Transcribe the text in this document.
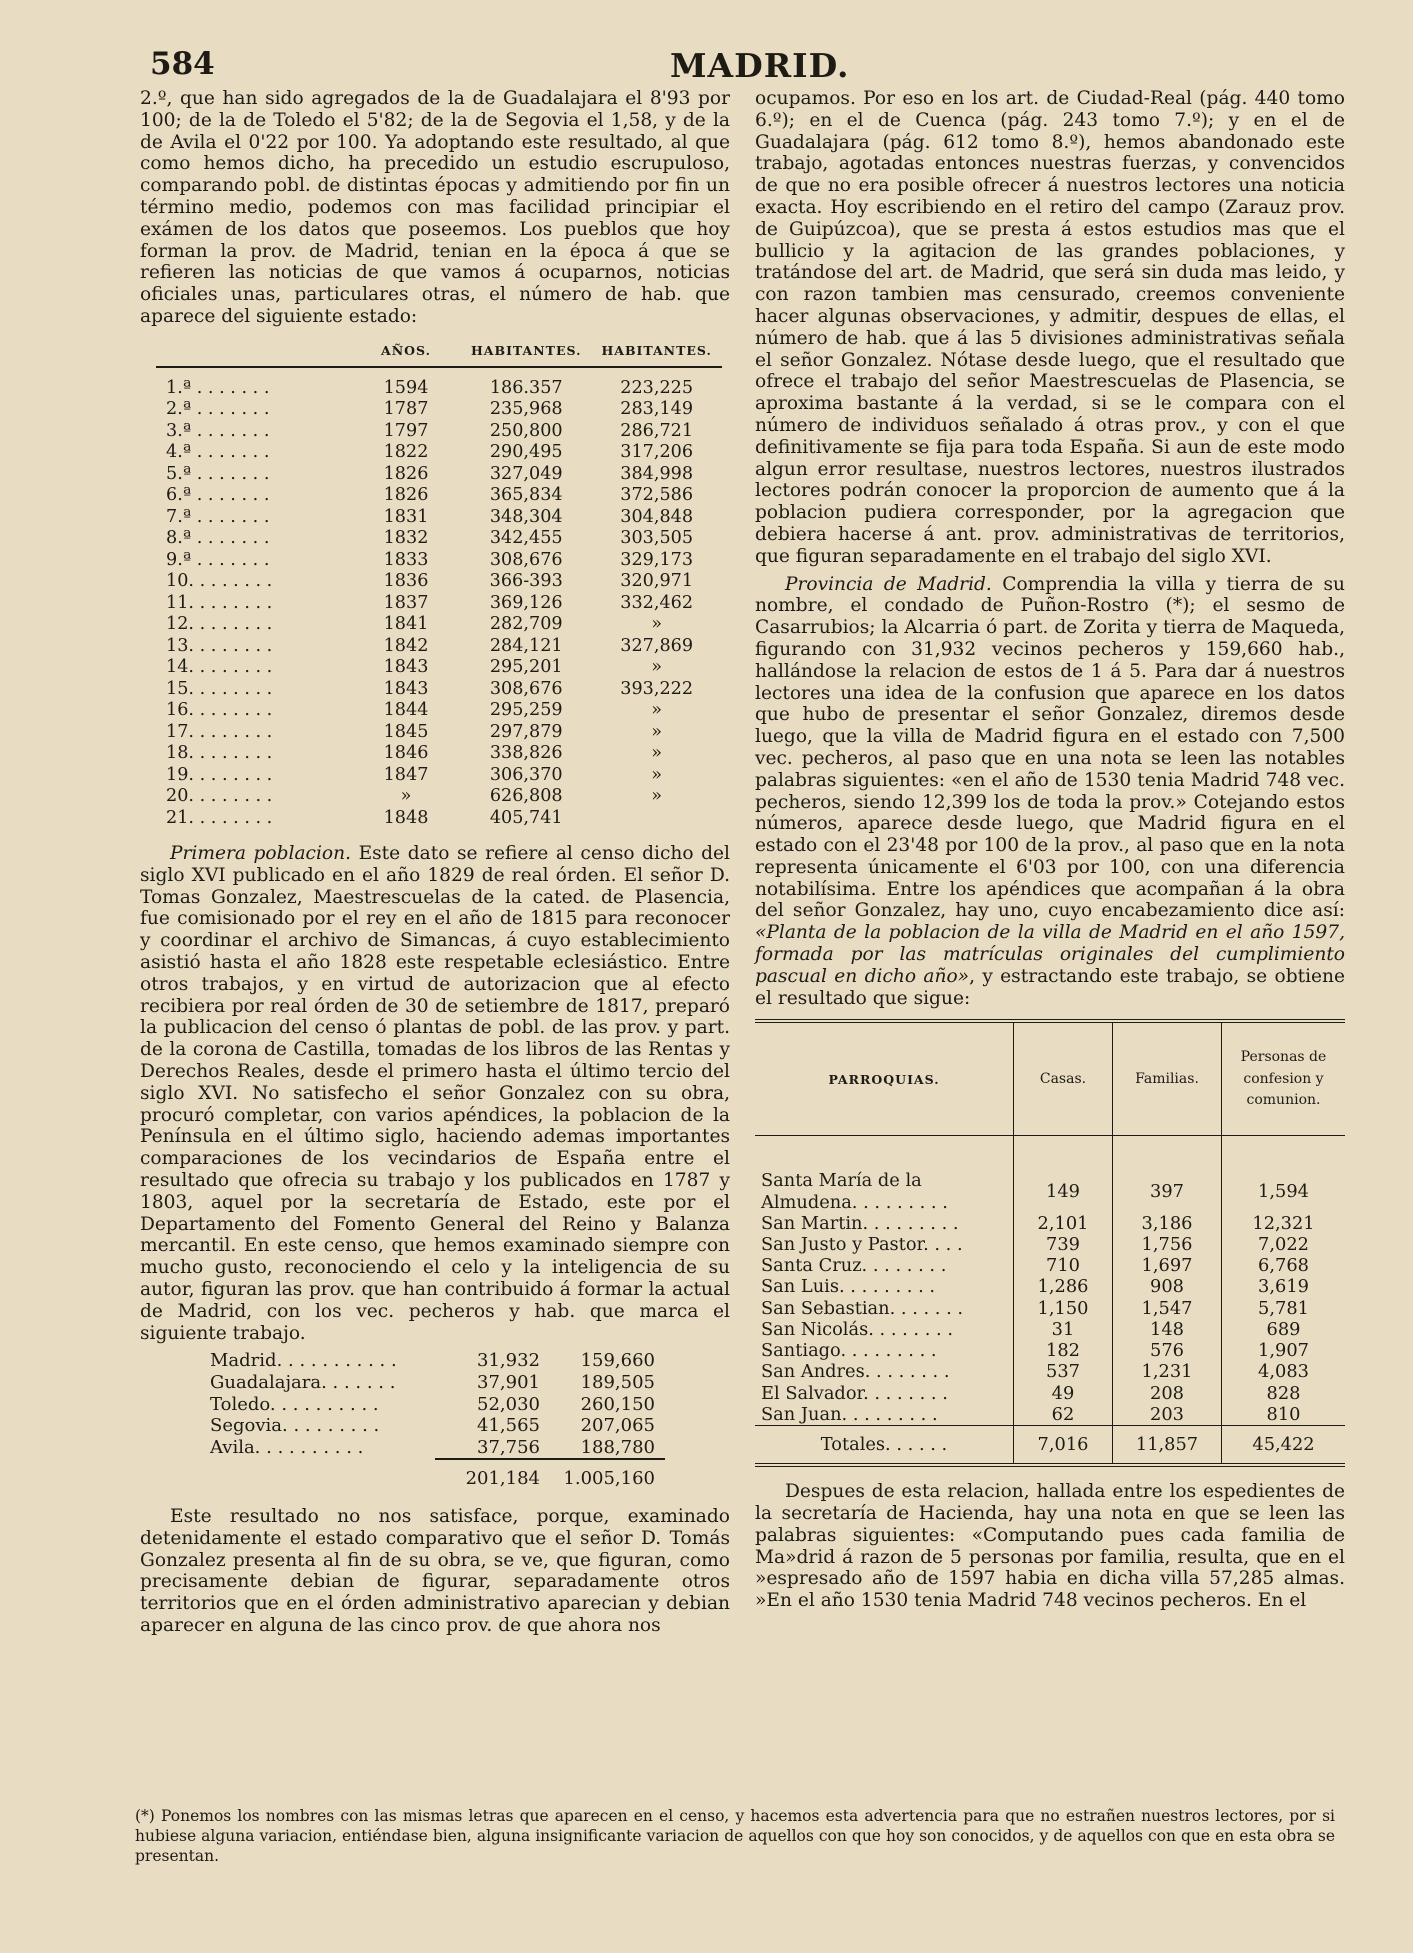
584	MADRID.

2.º, que han sido agregados de la de Guadalajara el 8'93 por 100; de la de Toledo el 5'82; de la de Segovia el 1,58, y de la de Avila el 0'22 por 100. Ya adoptando este resultado, al que como hemos dicho, ha precedido un estudio escrupuloso, comparando pobl. de distintas épocas y admitiendo por fin un término medio, podemos con mas facilidad principiar el exámen de los datos que poseemos. Los pueblos que hoy forman la prov. de Madrid, tenian en la época á que se refieren las noticias de que vamos á ocuparnos, noticias oficiales unas, particulares otras, el número de hab. que aparece del siguiente estado:

	AÑOS.	HABITANTES.	HABITANTES.
1.ª . . . . . . .	1594	186.357	223,225
2.ª . . . . . . .	1787	235,968	283,149
3.ª . . . . . . .	1797	250,800	286,721
4.ª . . . . . . .	1822	290,495	317,206
5.ª . . . . . . .	1826	327,049	384,998
6.ª . . . . . . .	1826	365,834	372,586
7.ª . . . . . . .	1831	348,304	304,848
8.ª . . . . . . .	1832	342,455	303,505
9.ª . . . . . . .	1833	308,676	329,173
10. . . . . . . .	1836	366-393	320,971
11. . . . . . . .	1837	369,126	332,462
12. . . . . . . .	1841	282,709	»
13. . . . . . . .	1842	284,121	327,869
14. . . . . . . .	1843	295,201	»
15. . . . . . . .	1843	308,676	393,222
16. . . . . . . .	1844	295,259	»
17. . . . . . . .	1845	297,879	»
18. . . . . . . .	1846	338,826	»
19. . . . . . . .	1847	306,370	»
20. . . . . . . .	»	626,808	»
21. . . . . . . .	1848	405,741	

Primera poblacion. Este dato se refiere al censo dicho del siglo XVI publicado en el año 1829 de real órden. El señor D. Tomas Gonzalez, Maestrescuelas de la cated. de Plasencia, fue comisionado por el rey en el año de 1815 para reconocer y coordinar el archivo de Simancas, á cuyo establecimiento asistió hasta el año 1828 este respetable eclesiástico. Entre otros trabajos, y en virtud de autorizacion que al efecto recibiera por real órden de 30 de setiembre de 1817, preparó la publicacion del censo ó plantas de pobl. de las prov. y part. de la corona de Castilla, tomadas de los libros de las Rentas y Derechos Reales, desde el primero hasta el último tercio del siglo XVI. No satisfecho el señor Gonzalez con su obra, procuró completar, con varios apéndices, la poblacion de la Península en el último siglo, haciendo ademas importantes comparaciones de los vecindarios de España entre el resultado que ofrecia su trabajo y los publicados en 1787 y 1803, aquel por la secretaría de Estado, este por el Departamento del Fomento General del Reino y Balanza mercantil. En este censo, que hemos examinado siempre con mucho gusto, reconociendo el celo y la inteligencia de su autor, figuran las prov. que han contribuido á formar la actual de Madrid, con los vec. pecheros y hab. que marca el siguiente trabajo.

Madrid. . . . . . . . . . .	31,932	159,660
Guadalajara. . . . . . .	37,901	189,505
Toledo. . . . . . . . . .	52,030	260,150
Segovia. . . . . . . . .	41,565	207,065
Avila. . . . . . . . . .	37,756	188,780
	201,184	1.005,160

Este resultado no nos satisface, porque, examinado detenidamente el estado comparativo que el señor D. Tomás Gonzalez presenta al fin de su obra, se ve, que figuran, como precisamente debian de figurar, separadamente otros territorios que en el órden administrativo aparecian y debian aparecer en alguna de las cinco prov. de que ahora nos

ocupamos. Por eso en los art. de Ciudad-Real (pág. 440 tomo 6.º); en el de Cuenca (pág. 243 tomo 7.º); y en el de Guadalajara (pág. 612 tomo 8.º), hemos abandonado este trabajo, agotadas entonces nuestras fuerzas, y convencidos de que no era posible ofrecer á nuestros lectores una noticia exacta. Hoy escribiendo en el retiro del campo (Zarauz prov. de Guipúzcoa), que se presta á estos estudios mas que el bullicio y la agitacion de las grandes poblaciones, y tratándose del art. de Madrid, que será sin duda mas leido, y con razon tambien mas censurado, creemos conveniente hacer algunas observaciones, y admitir, despues de ellas, el número de hab. que á las 5 divisiones administrativas señala el señor Gonzalez. Nótase desde luego, que el resultado que ofrece el trabajo del señor Maestrescuelas de Plasencia, se aproxima bastante á la verdad, si se le compara con el número de individuos señalado á otras prov., y con el que definitivamente se fija para toda España. Si aun de este modo algun error resultase, nuestros lectores, nuestros ilustrados lectores podrán conocer la proporcion de aumento que á la poblacion pudiera corresponder, por la agregacion que debiera hacerse á ant. prov. administrativas de territorios, que figuran separadamente en el trabajo del siglo XVI.

Provincia de Madrid. Comprendia la villa y tierra de su nombre, el condado de Puñon-Rostro (*); el sesmo de Casarrubios; la Alcarria ó part. de Zorita y tierra de Maqueda, figurando con 31,932 vecinos pecheros y 159,660 hab., hallándose la relacion de estos de 1 á 5. Para dar á nuestros lectores una idea de la confusion que aparece en los datos que hubo de presentar el señor Gonzalez, diremos desde luego, que la villa de Madrid figura en el estado con 7,500 vec. pecheros, al paso que en una nota se leen las notables palabras siguientes: «en el año de 1530 tenia Madrid 748 vec. pecheros, siendo 12,399 los de toda la prov.» Cotejando estos números, aparece desde luego, que Madrid figura en el estado con el 23'48 por 100 de la prov., al paso que en la nota representa únicamente el 6'03 por 100, con una diferencia notabilísima. Entre los apéndices que acompañan á la obra del señor Gonzalez, hay uno, cuyo encabezamiento dice así: «Planta de la poblacion de la villa de Madrid en el año 1597, formada por las matrículas originales del cumplimiento pascual en dicho año», y estractando este trabajo, se obtiene el resultado que sigue:

PARROQUIAS.	Casas.	Familias.	Personas de confesion y comunion.

Santa María de la Almudena. . . . . . . . .	149	397	1,594
San Martin. . . . . . . . .	2,101	3,186	12,321
San Justo y Pastor. . . .	739	1,756	7,022
Santa Cruz. . . . . . . .	710	1,697	6,768
San Luis. . . . . . . . .	1,286	908	3,619
San Sebastian. . . . . . .	1,150	1,547	5,781
San Nicolás. . . . . . . .	31	148	689
Santiago. . . . . . . . .	182	576	1,907
San Andres. . . . . . . .	537	1,231	4,083
El Salvador. . . . . . . .	49	208	828
San Juan. . . . . . . . .	62	203	810
Totales. . . . . .	7,016	11,857	45,422

Despues de esta relacion, hallada entre los espedientes de la secretaría de Hacienda, hay una nota en que se leen las palabras siguientes: «Computando pues cada familia de Ma»drid á razon de 5 personas por familia, resulta, que en el »espresado año de 1597 habia en dicha villa 57,285 almas. »En el año 1530 tenia Madrid 748 vecinos pecheros. En el

(*) Ponemos los nombres con las mismas letras que aparecen en el censo, y hacemos esta advertencia para que no estrañen nuestros lectores, por si hubiese alguna variacion, entiéndase bien, alguna insignificante variacion de aquellos con que hoy son conocidos, y de aquellos con que en esta obra se presentan.
